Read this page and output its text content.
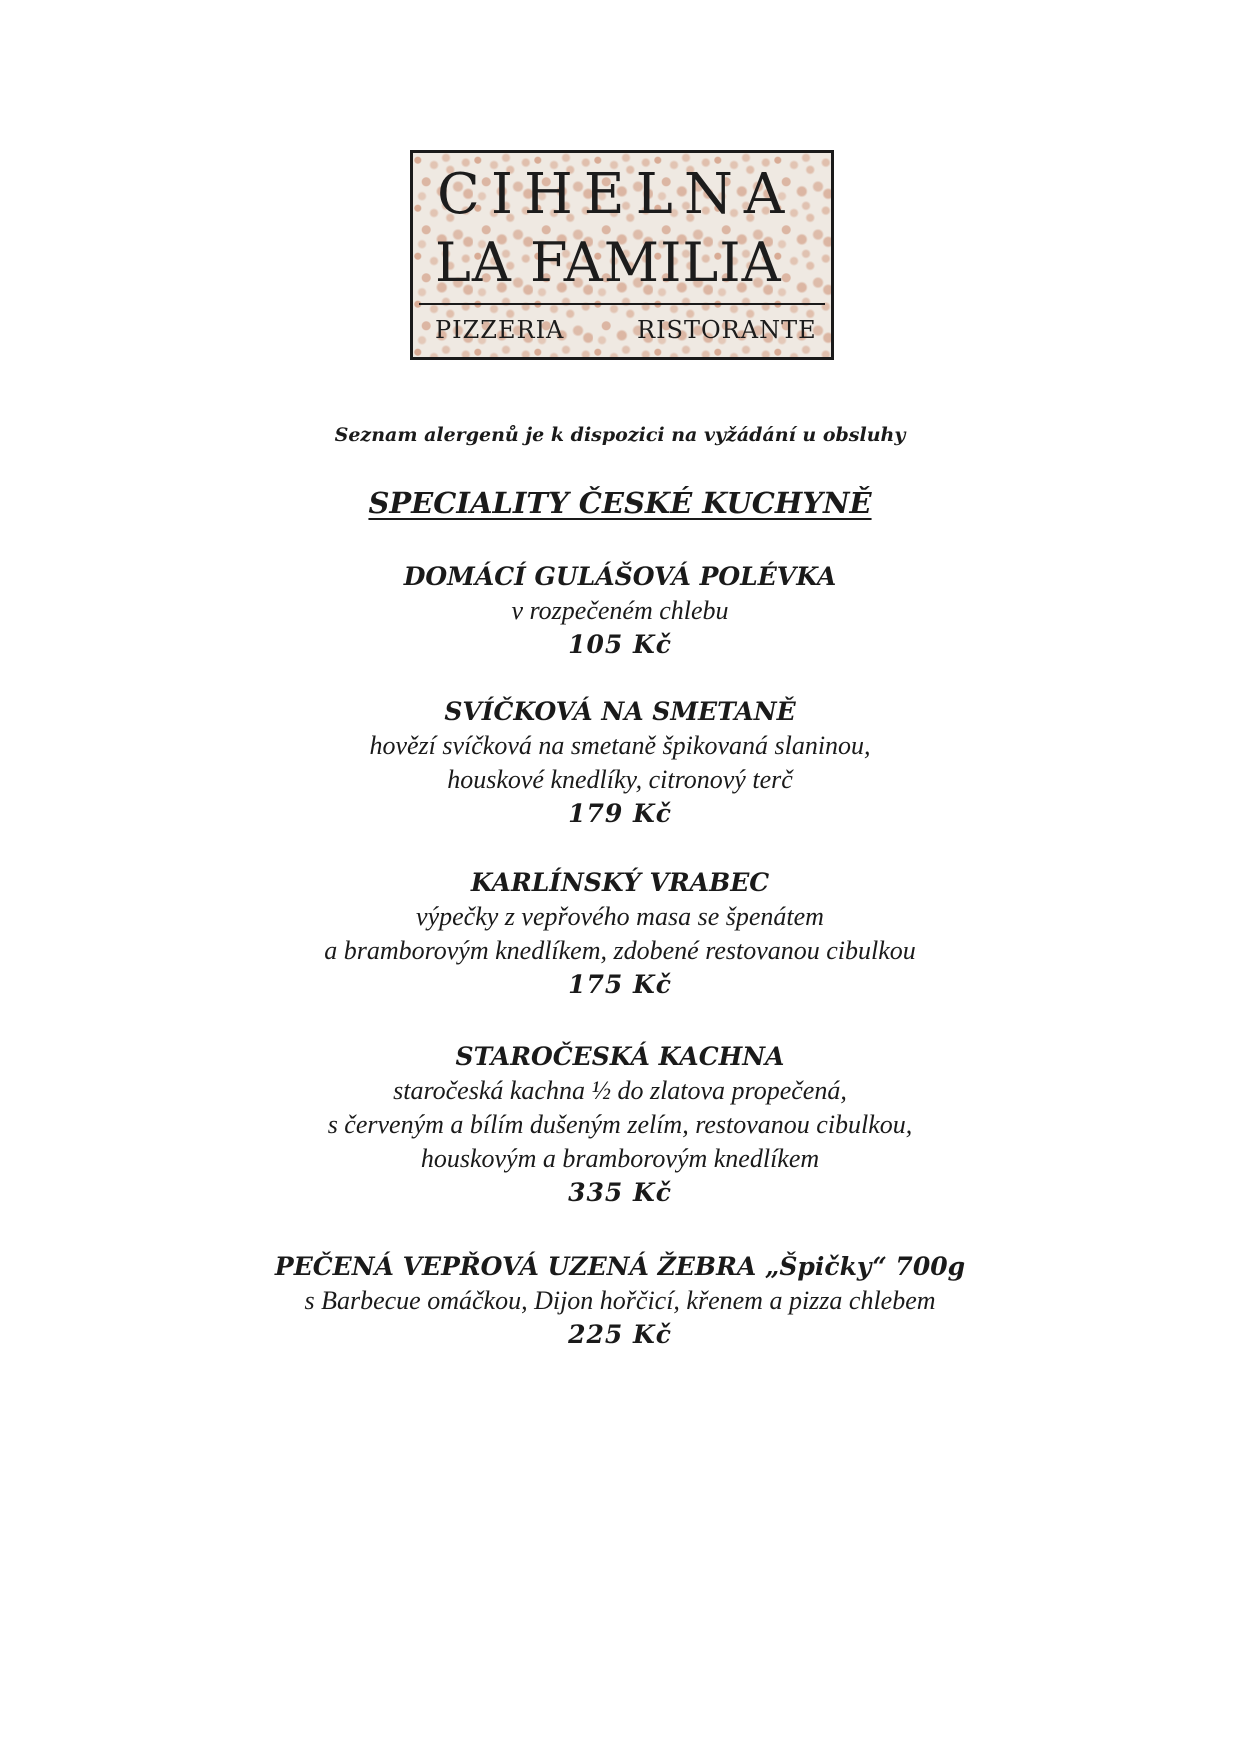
CIHELNA
LA FAMILIA
PIZZERIA	RISTORANTE
Seznam alergenů je k dispozici na vyžádání u obsluhy
SPECIALITY ČESKÉ KUCHYNĚ
DOMÁCÍ GULÁŠOVÁ POLÉVKA
v rozpečeném chlebu
105 Kč
SVÍČKOVÁ NA SMETANĚ
hovězí svíčková na smetaně špikovaná slaninou,
houskové knedlíky, citronový terč
179 Kč
KARLÍNSKÝ VRABEC
výpečky z vepřového masa se špenátem
a bramborovým knedlíkem, zdobené restovanou cibulkou
175 Kč
STAROČESKÁ KACHNA
staročeská kachna ½ do zlatova propečená,
s červeným a bílím dušeným zelím, restovanou cibulkou,
houskovým a bramborovým knedlíkem
335 Kč
PEČENÁ VEPŘOVÁ UZENÁ ŽEBRA „Špičky“ 700g
s Barbecue omáčkou, Dijon hořčicí, křenem a pizza chlebem
225 Kč
